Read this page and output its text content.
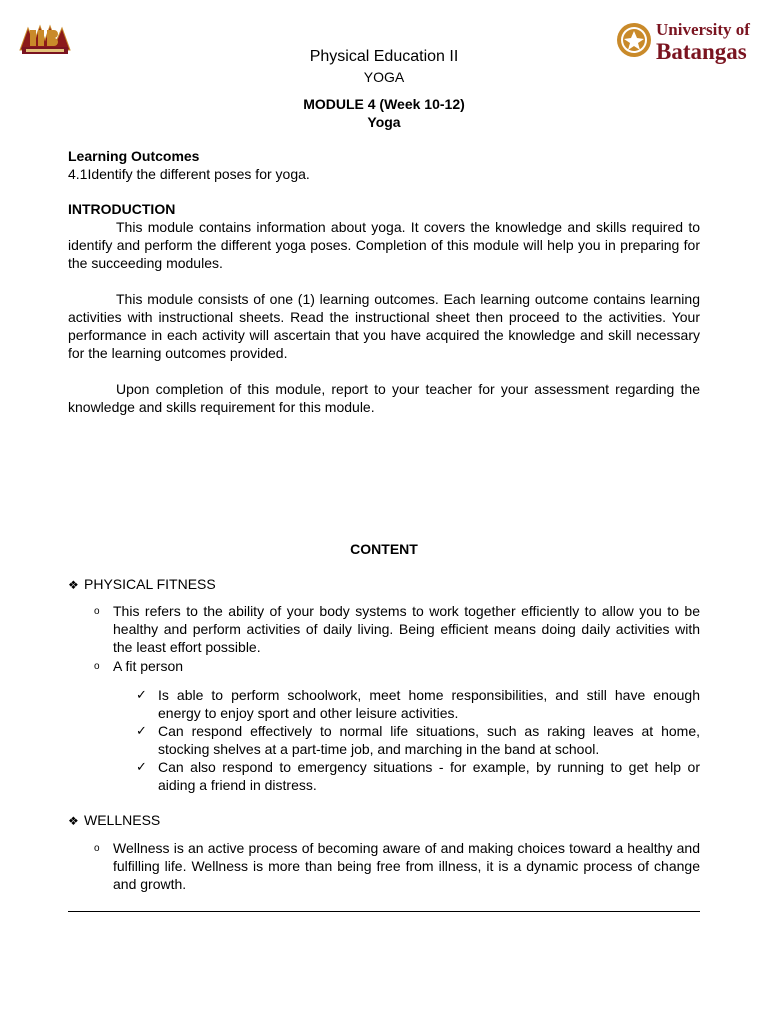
University of
Batangas
Physical Education II
YOGA
MODULE 4 (Week 10-12)
Yoga

Learning Outcomes

4.1Identify the different poses for yoga.

INTRODUCTION

This module contains information about yoga. It covers the knowledge and skills required to identify and perform the different yoga poses. Completion of this module will help you in preparing for the succeeding modules.
This module consists of one (1) learning outcomes. Each learning outcome contains learning activities with instructional sheets. Read the instructional sheet then proceed to the activities. Your performance in each activity will ascertain that you have acquired the knowledge and skill necessary for the learning outcomes provided.
Upon completion of this module, report to your teacher for your assessment regarding the knowledge and skills requirement for this module.
CONTENT
❖ PHYSICAL FITNESS
o This refers to the ability of your body systems to work together efficiently to allow you to be healthy and perform activities of daily living. Being efficient means doing daily activities with the least effort possible.
o A fit person
✓ Is able to perform schoolwork, meet home responsibilities, and still have enough energy to enjoy sport and other leisure activities.
✓ Can respond effectively to normal life situations, such as raking leaves at home, stocking shelves at a part-time job, and marching in the band at school.
✓ Can also respond to emergency situations - for example, by running to get help or aiding a friend in distress.
❖ WELLNESS
o Wellness is an active process of becoming aware of and making choices toward a healthy and fulfilling life. Wellness is more than being free from illness, it is a dynamic process of change and growth.
